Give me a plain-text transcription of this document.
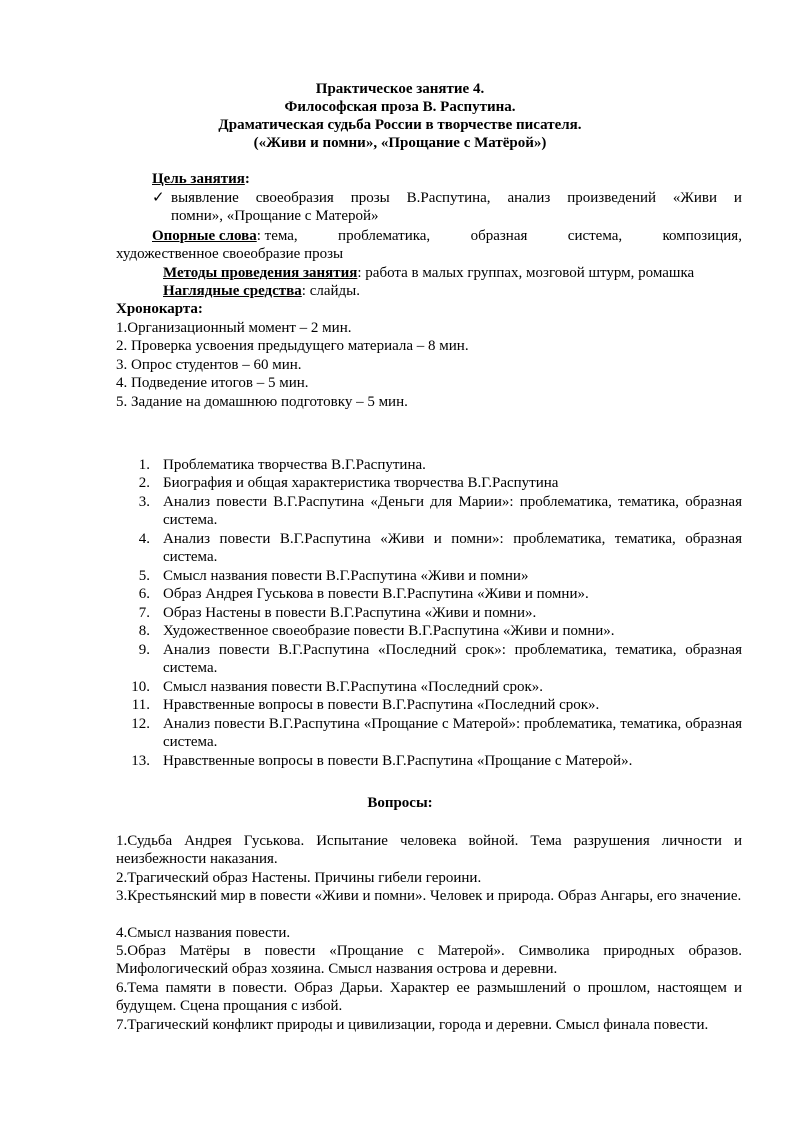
Практическое занятие 4.
Философская проза В. Распутина.
Драматическая судьба России в творчестве писателя.
(«Живи и помни», «Прощание с Матёрой»)
Цель занятия:
✓ выявление своеобразия прозы В.Распутина, анализ произведений «Живи и
помни», «Прощание с Матерой»
Опорные слова: тема,	проблематика,	образная	система,	композиция,
художественное своеобразие прозы
Методы проведения занятия: работа в малых группах, мозговой штурм, ромашка
Наглядные средства: слайды.
Хронокарта:
1.Организационный момент – 2 мин.
2. Проверка усвоения предыдущего материала – 8 мин.
3. Опрос студентов – 60 мин.
4. Подведение итогов – 5 мин.
5. Задание на домашнюю подготовку – 5 мин.
1. Проблематика творчества В.Г.Распутина.
2. Биография и общая характеристика творчества В.Г.Распутина
3. Анализ повести В.Г.Распутина «Деньги для Марии»: проблематика, тематика, образная система.
4. Анализ повести В.Г.Распутина «Живи и помни»: проблематика, тематика, образная система.
5. Смысл названия повести В.Г.Распутина «Живи и помни»
6. Образ Андрея Гуськова в повести В.Г.Распутина «Живи и помни».
7. Образ Настены в повести В.Г.Распутина «Живи и помни».
8. Художественное своеобразие повести В.Г.Распутина «Живи и помни».
9. Анализ повести В.Г.Распутина «Последний срок»: проблематика, тематика, образная система.
10. Смысл названия повести В.Г.Распутина «Последний срок».
11. Нравственные вопросы в повести В.Г.Распутина «Последний срок».
12. Анализ повести В.Г.Распутина «Прощание с Матерой»: проблематика, тематика, образная система.
13. Нравственные вопросы в повести В.Г.Распутина «Прощание с Матерой».
Вопросы:
1.Судьба Андрея Гуськова. Испытание человека войной. Тема разрушения личности и неизбежности наказания.
2.Трагический образ Настены. Причины гибели героини.
3.Крестьянский мир в повести «Живи и помни». Человек и природа. Образ Ангары, его значение.
4.Смысл названия повести.
5.Образ Матёры в повести «Прощание с Матерой». Символика природных образов. Мифологический образ хозяина. Смысл названия острова и деревни.
6.Тема памяти в повести. Образ Дарьи. Характер ее размышлений о прошлом, настоящем и будущем. Сцена прощания с избой.
7.Трагический конфликт природы и цивилизации, города и деревни. Смысл финала повести.
